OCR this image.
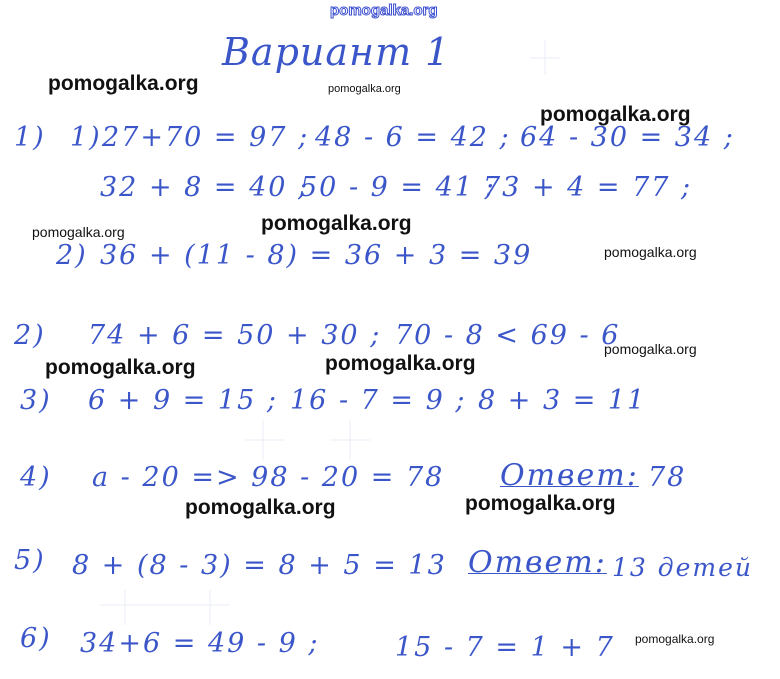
pomogalka.org
Вариант 1
pomogalka.org	pomogalka.org
pomogalka.org
pomogalka.org	pomogalka.org
pomogalka.org
pomogalka.org
pomogalka.org	pomogalka.org
pomogalka.org	pomogalka.org
pomogalka.org
1) 1) 27+70 = 97 ; 48 - 6 = 42 ; 64 - 30 = 34 ;
32 + 8 = 40 ;
50 - 9 = 41 ;
73 + 4 = 77 ;
2) 36 + (11 - 8) = 36 + 3 = 39
2) 74 + 6 = 50 + 30 ; 70 - 8 < 69 - 6
3) 6 + 9 = 15 ; 16 - 7 = 9 ; 8 + 3 = 11
4) a - 20 => 98 - 20 = 78 Ответ: 78
5) 8 + (8 - 3) = 8 + 5 = 13 Ответ: 13 детей
6) 34+6 = 49 - 9 ;	15 - 7 = 1 + 7
